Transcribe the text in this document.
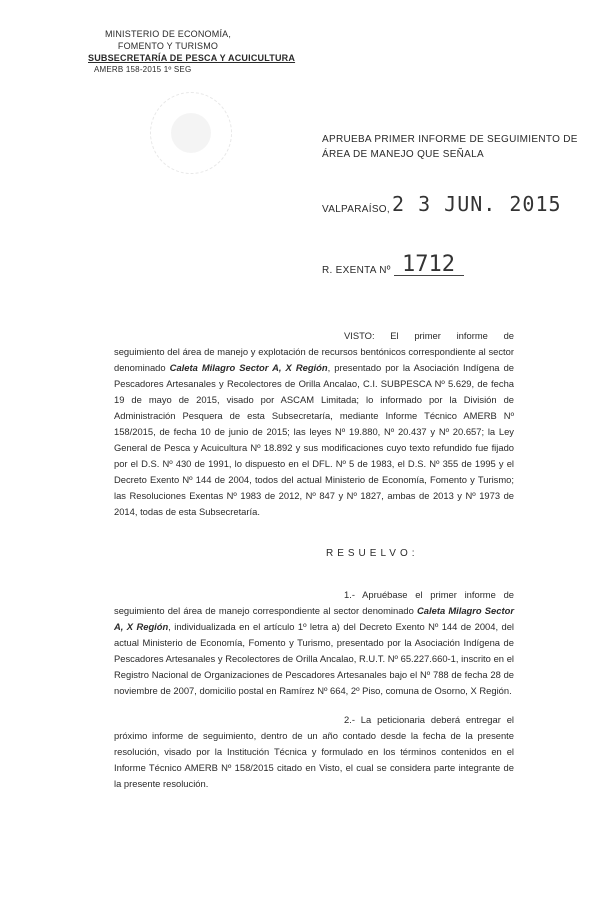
MINISTERIO DE ECONOMÍA,
FOMENTO Y TURISMO
SUBSECRETARÍA DE PESCA Y ACUICULTURA
AMERB 158-2015 1º SEG
APRUEBA PRIMER INFORME DE SEGUIMIENTO DE
ÁREA DE MANEJO QUE SEÑALA
VALPARAÍSO, 2 3 JUN. 2015
R. EXENTA Nº 1712
VISTO: El primer informe de seguimiento del área de manejo y explotación de recursos bentónicos correspondiente al sector denominado Caleta Milagro Sector A, X Región, presentado por la Asociación Indígena de Pescadores Artesanales y Recolectores de Orilla Ancalao, C.I. SUBPESCA Nº 5.629, de fecha 19 de mayo de 2015, visado por ASCAM Limitada; lo informado por la División de Administración Pesquera de esta Subsecretaría, mediante Informe Técnico AMERB Nº 158/2015, de fecha 10 de junio de 2015; las leyes Nº 19.880, Nº 20.437 y Nº 20.657; la Ley General de Pesca y Acuicultura Nº 18.892 y sus modificaciones cuyo texto refundido fue fijado por el D.S. Nº 430 de 1991, lo dispuesto en el DFL. Nº 5 de 1983, el D.S. Nº 355 de 1995 y el Decreto Exento Nº 144 de 2004, todos del actual Ministerio de Economía, Fomento y Turismo; las Resoluciones Exentas Nº 1983 de 2012, Nº 847 y Nº 1827, ambas de 2013 y Nº 1973 de 2014, todas de esta Subsecretaría.
RESUELVO:
1.- Apruébase el primer informe de seguimiento del área de manejo correspondiente al sector denominado Caleta Milagro Sector A, X Región, individualizada en el artículo 1º letra a) del Decreto Exento Nº 144 de 2004, del actual Ministerio de Economía, Fomento y Turismo, presentado por la Asociación Indígena de Pescadores Artesanales y Recolectores de Orilla Ancalao, R.U.T. Nº 65.227.660-1, inscrito en el Registro Nacional de Organizaciones de Pescadores Artesanales bajo el Nº 788 de fecha 28 de noviembre de 2007, domicilio postal en Ramírez Nº 664, 2º Piso, comuna de Osorno, X Región.
2.- La peticionaria deberá entregar el próximo informe de seguimiento, dentro de un año contado desde la fecha de la presente resolución, visado por la Institución Técnica y formulado en los términos contenidos en el Informe Técnico AMERB Nº 158/2015 citado en Visto, el cual se considera parte integrante de la presente resolución.
